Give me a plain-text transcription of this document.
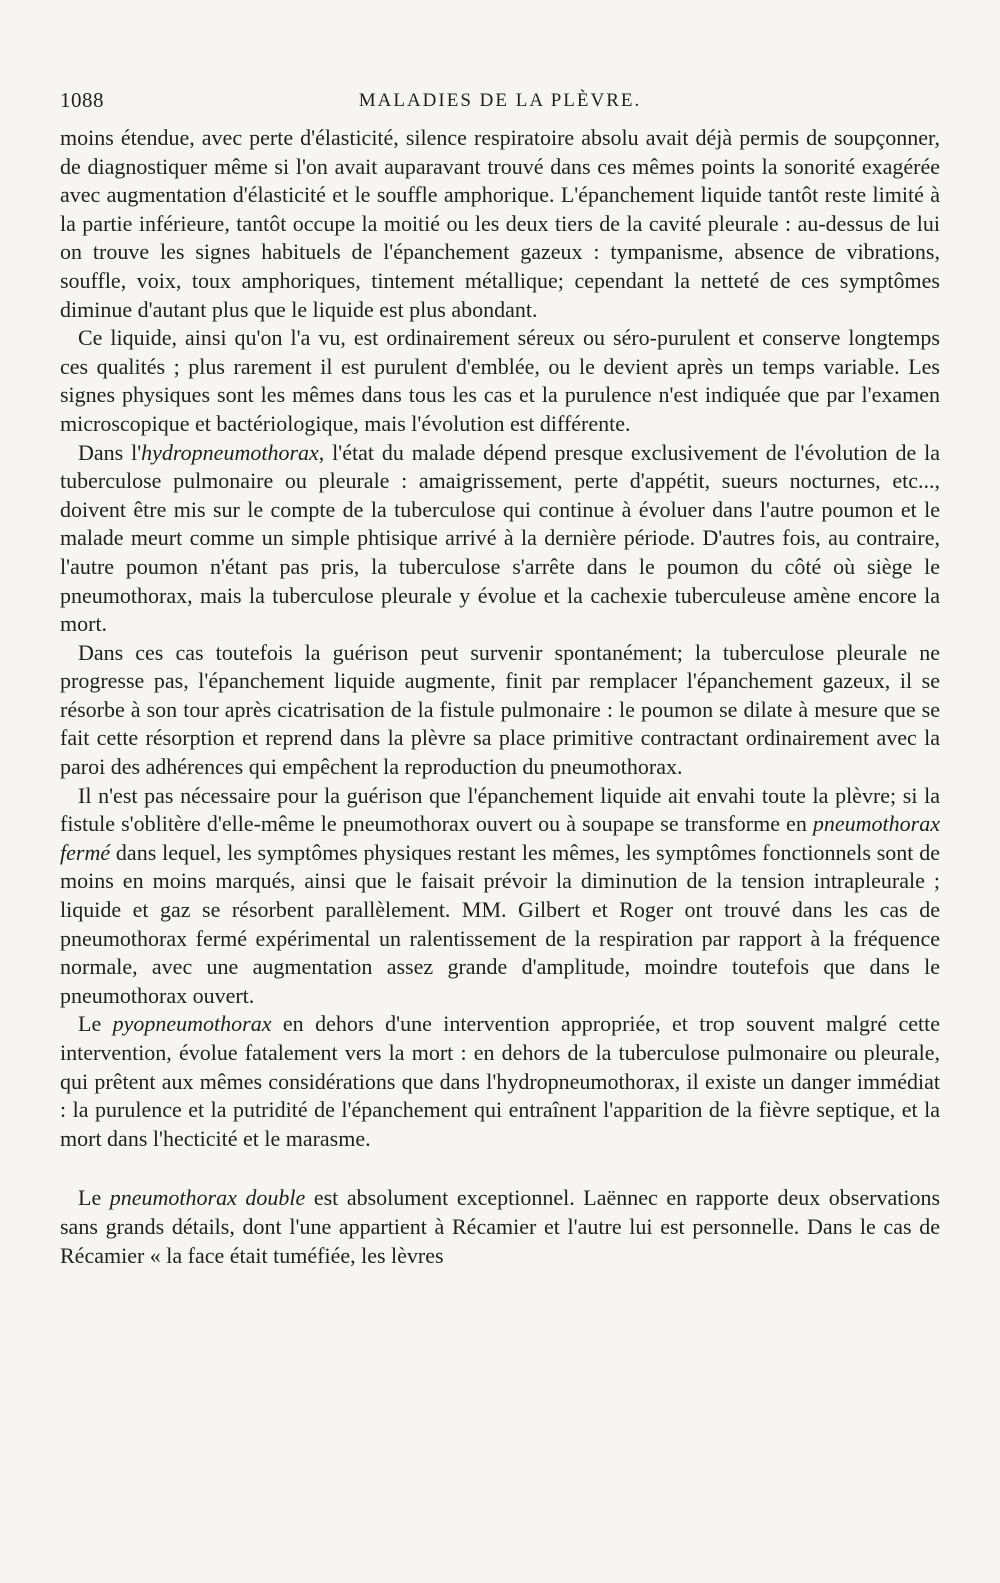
1088	MALADIES DE LA PLÈVRE.

moins étendue, avec perte d'élasticité, silence respiratoire absolu avait déjà permis de soupçonner, de diagnostiquer même si l'on avait auparavant trouvé dans ces mêmes points la sonorité exagérée avec augmentation d'élasticité et le souffle amphorique. L'épanchement liquide tantôt reste limité à la partie inférieure, tantôt occupe la moitié ou les deux tiers de la cavité pleurale : au-dessus de lui on trouve les signes habituels de l'épanchement gazeux : tympanisme, absence de vibrations, souffle, voix, toux amphoriques, tintement métallique; cependant la netteté de ces symptômes diminue d'autant plus que le liquide est plus abondant.

Ce liquide, ainsi qu'on l'a vu, est ordinairement séreux ou séro-purulent et conserve longtemps ces qualités ; plus rarement il est purulent d'emblée, ou le devient après un temps variable. Les signes physiques sont les mêmes dans tous les cas et la purulence n'est indiquée que par l'examen microscopique et bactériologique, mais l'évolution est différente.

Dans l'hydropneumothorax, l'état du malade dépend presque exclusivement de l'évolution de la tuberculose pulmonaire ou pleurale : amaigrissement, perte d'appétit, sueurs nocturnes, etc..., doivent être mis sur le compte de la tuberculose qui continue à évoluer dans l'autre poumon et le malade meurt comme un simple phtisique arrivé à la dernière période. D'autres fois, au contraire, l'autre poumon n'étant pas pris, la tuberculose s'arrête dans le poumon du côté où siège le pneumothorax, mais la tuberculose pleurale y évolue et la cachexie tuberculeuse amène encore la mort.

Dans ces cas toutefois la guérison peut survenir spontanément; la tuberculose pleurale ne progresse pas, l'épanchement liquide augmente, finit par remplacer l'épanchement gazeux, il se résorbe à son tour après cicatrisation de la fistule pulmonaire : le poumon se dilate à mesure que se fait cette résorption et reprend dans la plèvre sa place primitive contractant ordinairement avec la paroi des adhérences qui empêchent la reproduction du pneumothorax.

Il n'est pas nécessaire pour la guérison que l'épanchement liquide ait envahi toute la plèvre; si la fistule s'oblitère d'elle-même le pneumothorax ouvert ou à soupape se transforme en pneumothorax fermé dans lequel, les symptômes physiques restant les mêmes, les symptômes fonctionnels sont de moins en moins marqués, ainsi que le faisait prévoir la diminution de la tension intrapleurale ; liquide et gaz se résorbent parallèlement. MM. Gilbert et Roger ont trouvé dans les cas de pneumothorax fermé expérimental un ralentissement de la respiration par rapport à la fréquence normale, avec une augmentation assez grande d'amplitude, moindre toutefois que dans le pneumothorax ouvert.

Le pyopneumothorax en dehors d'une intervention appropriée, et trop souvent malgré cette intervention, évolue fatalement vers la mort : en dehors de la tuberculose pulmonaire ou pleurale, qui prêtent aux mêmes considérations que dans l'hydropneumothorax, il existe un danger immédiat : la purulence et la putridité de l'épanchement qui entraînent l'apparition de la fièvre septique, et la mort dans l'hecticité et le marasme.

Le pneumothorax double est absolument exceptionnel. Laënnec en rapporte deux observations sans grands détails, dont l'une appartient à Récamier et l'autre lui est personnelle. Dans le cas de Récamier « la face était tuméfiée, les lèvres
